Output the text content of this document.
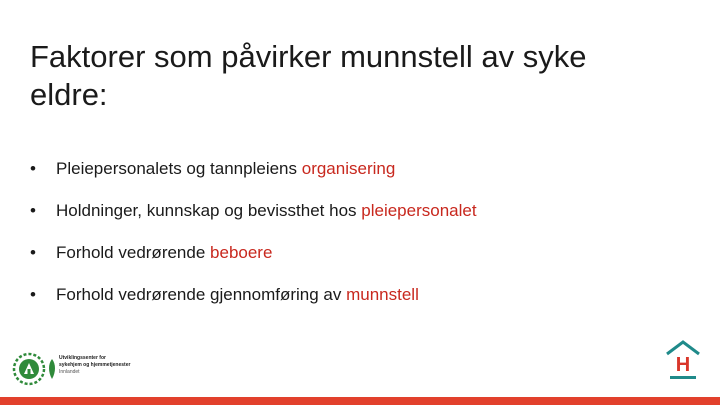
Faktorer som påvirker munnstell av syke eldre:
• Pleiepersonalets og tannpleiens organisering
• Holdninger, kunnskap og bevissthet hos pleiepersonalet
• Forhold vedrørende beboere
• Forhold vedrørende gjennomføring av munnstell
Utviklingssenter for
sykehjem og hjemmetjenester
Innlandet	H
